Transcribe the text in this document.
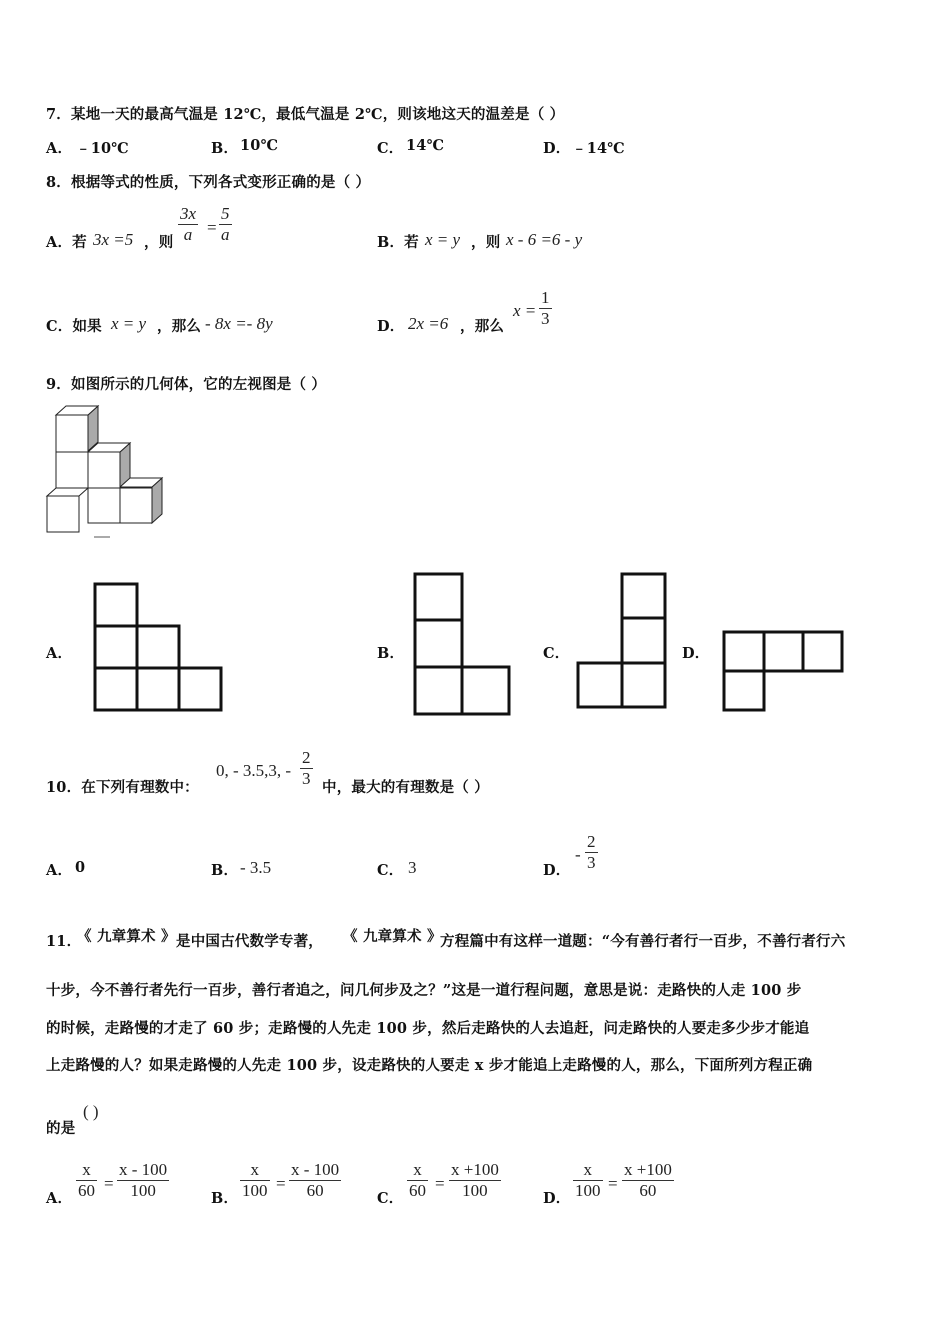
7．某地一天的最高气温是 12℃，最低气温是 2℃，则该地这天的温差是（ ）
A． ﹣10℃	B． 10℃	C． 14℃	D． ﹣14℃
8．根据等式的性质，下列各式变形正确的是（ ）
A．若 3x =5 ，则 $\frac{3x}{a} = \frac{5}{a}$	B．若 x = y ，则 x - 6 =6 - y
C．如果 x = y ，那么 - 8x =- 8y	D． 2x =6 ，那么
$x = \frac{1}{3}$
9．如图所示的几何体，它的左视图是（ ）
A．	B．	C．	D．
10．在下列有理数中：
0, - 3.5,3, - $\frac{2}{3}$ 中，最大的有理数是（ ）
A． 0	B． - 3.5	C． 3	D．
- $\frac{2}{3}$
11．
《 九章算术 》 是中国古代数学专著， 《 九章算术 》
方程篇中有这样一道题：“今有善行者行一百步，不善行者行六
十步，今不善行者先行一百步，善行者追之，问几何步及之？”这是一道行程问题，意思是说：走路快的人走 100 步
的时候，走路慢的才走了 60 步；走路慢的人先走 100 步，然后走路快的人去追赶，问走路快的人要走多少步才能追
上走路慢的人？如果走路慢的人先走 100 步，设走路快的人要走 x 步才能追上走路慢的人，那么，下面所列方程正确
的是
( )
A． $\frac{x}{60} = \frac{x - 100}{100}$	B． $\frac{x}{100} = \frac{x - 100}{60}$ C． $\frac{x}{60} = \frac{x +100}{100}$	D． $\frac{x}{100} = \frac{x +100}{60}$
